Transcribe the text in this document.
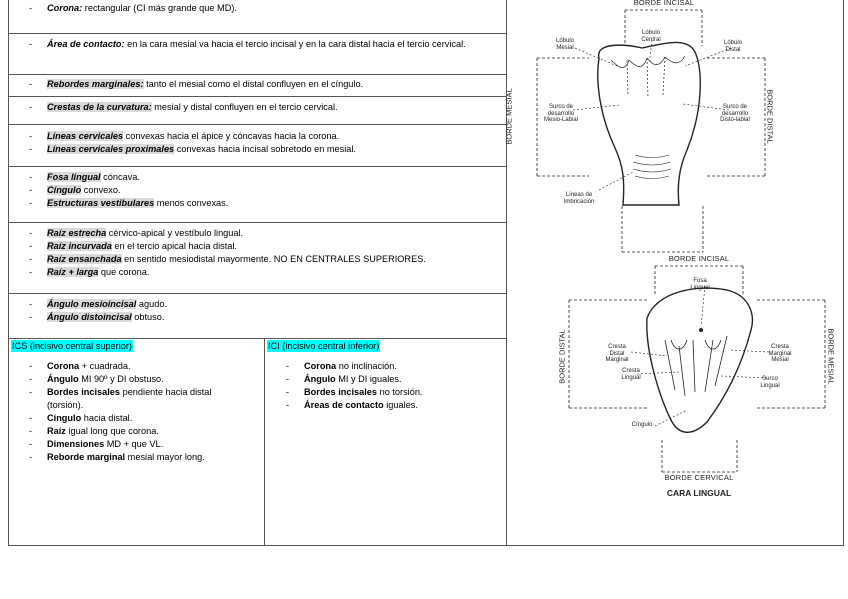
- Corona: rectangular (CI más grande que MD).
- Área de contacto: en la cara mesial va hacia el tercio incisal y en la cara distal hacia el tercio cervical.
- Rebordes marginales: tanto el mesial como el distal confluyen en el cíngulo.
- Crestas de la curvatura: mesial y distal confluyen en el tercio cervical.
- Líneas cervicales convexas hacia el ápice y cóncavas hacia la corona.
- Líneas cervicales proximales convexas hacia incisal sobretodo en mesial.
- Fosa lingual cóncava.
- Cíngulo convexo.
- Estructuras vestibulares menos convexas.
- Raíz estrecha cérvico-apical y vestíbulo lingual.
- Raíz incurvada en el tercio apical hacia distal.
- Raíz ensanchada en sentido mesiodistal mayormente. NO EN CENTRALES SUPERIORES.
- Raíz + larga que corona.
- Ángulo mesioincisal agudo.
- Ángulo distoincisal obtuso.
ICS (incisivo central superior)
- Corona + cuadrada.
- Ángulo MI 90º y DI obstuso.
- Bordes incisales pendiente hacia distal (torsión).
- Cíngulo hacia distal.
- Raíz igual long que corona.
- Dimensiones MD + que VL.
- Reborde marginal mesial mayor long.
ICI (incisivo central inferior)
- Corona no inclinación.
- Ángulo MI y DI iguales.
- Bordes incisales no torsión.
- Áreas de contacto iguales.
BORDE INCISAL
BORDE MESIAL	BORDE DISTAL
Lóbulo
Mesial
Lóbulo
Central
Lóbulo
Distal
Surco de
desarrollo
Mesio-Labial
Surco de
desarrollo
Disto-labial
Líneas de
Imbricación
BORDE INCISAL
Fosa
Lingual
BORDE DISTAL	BORDE MESIAL
Cresta
Distal
Marginal
Cresta
Lingual
Cresta
Marginal
Mesial
Surco
Lingual
Cíngulo
BORDE CERVICAL
CARA LINGUAL
